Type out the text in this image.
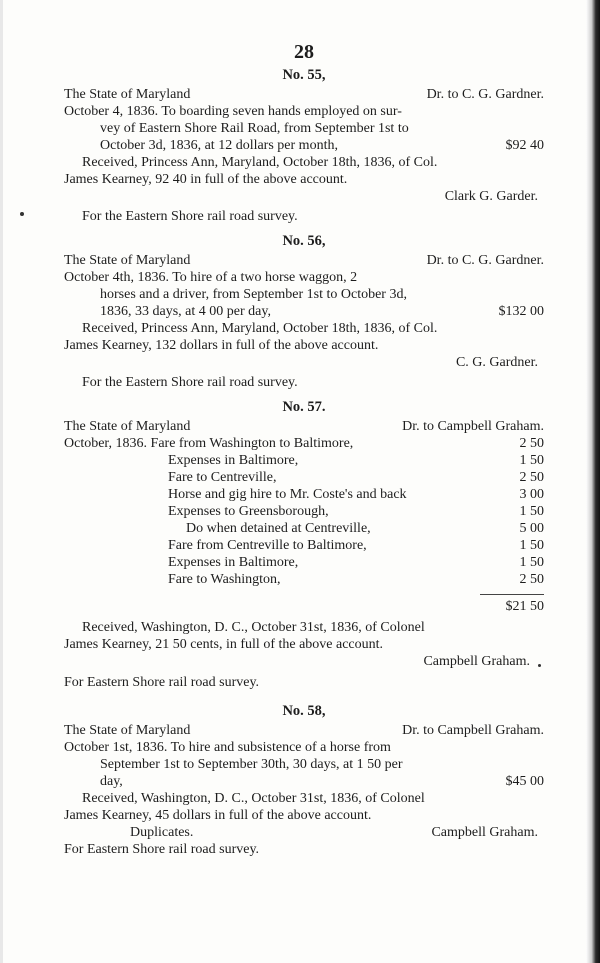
28
No. 55,
The State of Maryland	Dr. to C. G. Gardner.
October 4, 1836. To boarding seven hands employed on sur-
vey of Eastern Shore Rail Road, from September 1st to
October 3d, 1836, at 12 dollars per month,	$92 40
Received, Princess Ann, Maryland, October 18th, 1836, of Col.
James Kearney, 92 40 in full of the above account.
Clark G. Garder.
For the Eastern Shore rail road survey.
No. 56,
The State of Maryland	Dr. to C. G. Gardner.
October 4th, 1836. To hire of a two horse waggon, 2
horses and a driver, from September 1st to October 3d,
1836, 33 days, at 4 00 per day,	$132 00
Received, Princess Ann, Maryland, October 18th, 1836, of Col.
James Kearney, 132 dollars in full of the above account.
C. G. Gardner.
For the Eastern Shore rail road survey.
No. 57.
The State of Maryland	Dr. to Campbell Graham.
October, 1836. Fare from Washington to Baltimore,	2 50
Expenses in Baltimore,	1 50
Fare to Centreville,	2 50
Horse and gig hire to Mr. Coste's and back	3 00
Expenses to Greensborough,	1 50
Do when detained at Centreville,	5 00
Fare from Centreville to Baltimore,	1 50
Expenses in Baltimore,	1 50
Fare to Washington,	2 50
$21 50
Received, Washington, D. C., October 31st, 1836, of Colonel
James Kearney, 21 50 cents, in full of the above account.
Campbell Graham.
For Eastern Shore rail road survey.
No. 58,
The State of Maryland	Dr. to Campbell Graham.
October 1st, 1836. To hire and subsistence of a horse from
September 1st to September 30th, 30 days, at 1 50 per
day,	$45 00
Received, Washington, D. C., October 31st, 1836, of Colonel
James Kearney, 45 dollars in full of the above account.
Duplicates.	Campbell Graham.
For Eastern Shore rail road survey.
